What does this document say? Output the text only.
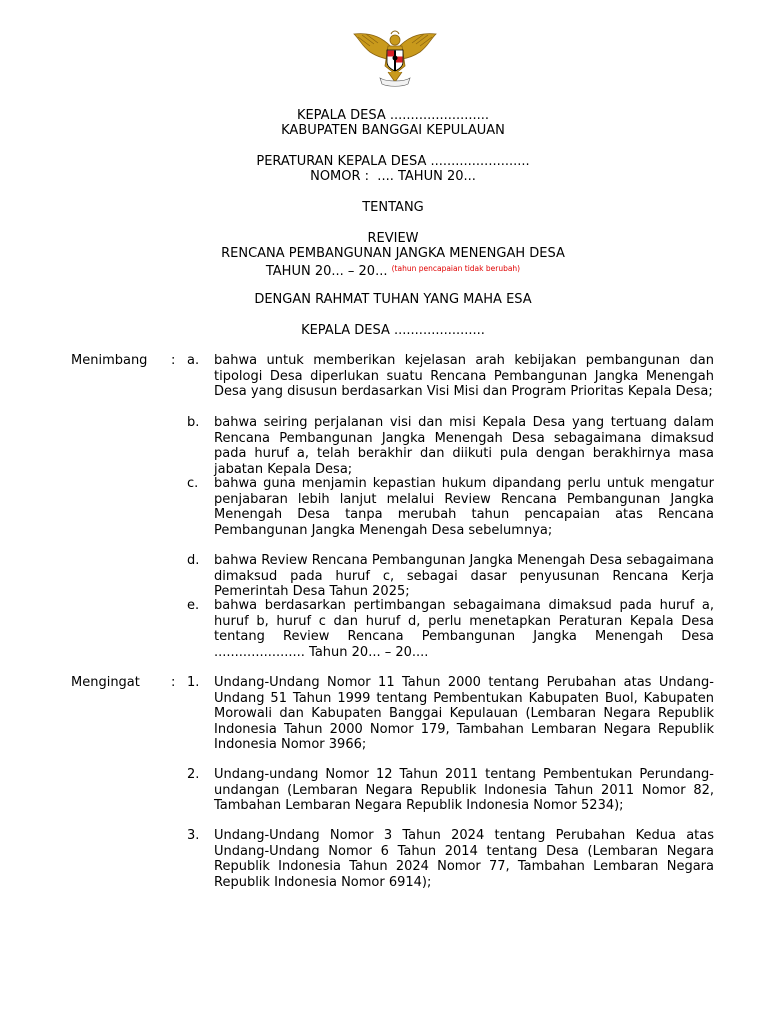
KEPALA DESA ........................
KABUPATEN BANGGAI KEPULAUAN
PERATURAN KEPALA DESA ........................
NOMOR :  .... TAHUN 20...
TENTANG
REVIEW
RENCANA PEMBANGUNAN JANGKA MENENGAH DESA
TAHUN 20... – 20... $^{(tahun pencapaian tidak berubah)}$
DENGAN RAHMAT TUHAN YANG MAHA ESA
KEPALA DESA ......................
Menimbang : a. bahwa untuk memberikan kejelasan arah kebijakan pembangunan dan tipologi Desa diperlukan suatu Rencana Pembangunan Jangka Menengah Desa yang disusun berdasarkan Visi Misi dan Program Prioritas Kepala Desa;
b. bahwa seiring perjalanan visi dan misi Kepala Desa yang tertuang dalam Rencana Pembangunan Jangka Menengah Desa sebagaimana dimaksud pada huruf a, telah berakhir dan diikuti pula dengan berakhirnya masa jabatan Kepala Desa;
c. bahwa guna menjamin kepastian hukum dipandang perlu untuk mengatur penjabaran lebih lanjut melalui Review Rencana Pembangunan Jangka Menengah Desa tanpa merubah tahun pencapaian atas Rencana Pembangunan Jangka Menengah Desa sebelumnya;
d. bahwa Review Rencana Pembangunan Jangka Menengah Desa sebagaimana dimaksud pada huruf c, sebagai dasar penyusunan Rencana Kerja Pemerintah Desa Tahun 2025;
e. bahwa berdasarkan pertimbangan sebagaimana dimaksud pada huruf a, huruf b, huruf c dan huruf d, perlu menetapkan Peraturan Kepala Desa tentang Review Rencana Pembangunan Jangka Menengah Desa ...................... Tahun 20... – 20....
Mengingat : 1. Undang-Undang Nomor 11 Tahun 2000 tentang Perubahan atas Undang-Undang 51 Tahun 1999 tentang Pembentukan Kabupaten Buol, Kabupaten Morowali dan Kabupaten Banggai Kepulauan (Lembaran Negara Republik Indonesia Tahun 2000 Nomor 179, Tambahan Lembaran Negara Republik Indonesia Nomor 3966;
2. Undang-undang Nomor 12 Tahun 2011 tentang Pembentukan Perundang-undangan (Lembaran Negara Republik Indonesia Tahun 2011 Nomor 82, Tambahan Lembaran Negara Republik Indonesia Nomor 5234);
3. Undang-Undang Nomor 3 Tahun 2024 tentang Perubahan Kedua atas Undang-Undang Nomor 6 Tahun 2014 tentang Desa (Lembaran Negara Republik Indonesia Tahun 2024 Nomor 77, Tambahan Lembaran Negara Republik Indonesia Nomor 6914);
